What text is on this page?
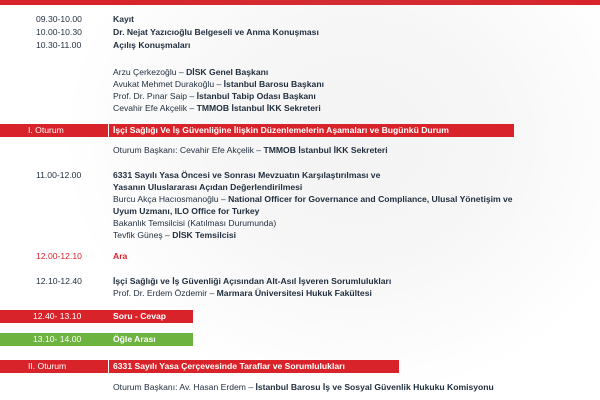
09.30-10.00	Kayıt
10.00-10.30	Dr. Nejat Yazıcıoğlu Belgeseli ve Anma Konuşması
10.30-11.00	Açılış Konuşmaları
Arzu Çerkezoğlu – DİSK Genel Başkanı
Avukat Mehmet Durakoğlu – İstanbul Barosu Başkanı
Prof. Dr. Pınar Saip – İstanbul Tabip Odası Başkanı
Cevahir Efe Akçelik – TMMOB İstanbul İKK Sekreteri
I. Oturum	İşçi Sağlığı Ve İş Güvenliğine İlişkin Düzenlemelerin Aşamaları ve Bugünkü Durum
Oturum Başkanı: Cevahir Efe Akçelik – TMMOB İstanbul İKK Sekreteri
11.00-12.00	6331 Sayılı Yasa Öncesi ve Sonrası Mevzuatın Karşılaştırılması ve
Yasanın Uluslararası Açıdan Değerlendirilmesi
Burcu Akça Hacıosmanoğlu – National Officer for Governance and Compliance, Ulusal Yönetişim ve
Uyum Uzmanı, ILO Office for Turkey
Bakanlık Temsilcisi (Katılması Durumunda)
Tevfik Güneş – DİSK Temsilcisi
12.00-12.10	Ara
12.10-12.40	İşçi Sağlığı ve İş Güvenliği Açısından Alt-Asıl İşveren Sorumlulukları
Prof. Dr. Erdem Özdemir – Marmara Üniversitesi Hukuk Fakültesi
12.40- 13.10	Soru - Cevap
13.10- 14.00	Öğle Arası
II. Oturum	6331 Sayılı Yasa Çerçevesinde Taraflar ve Sorumlulukları
Oturum Başkanı: Av. Hasan Erdem – İstanbul Barosu İş ve Sosyal Güvenlik Hukuku Komisyonu
